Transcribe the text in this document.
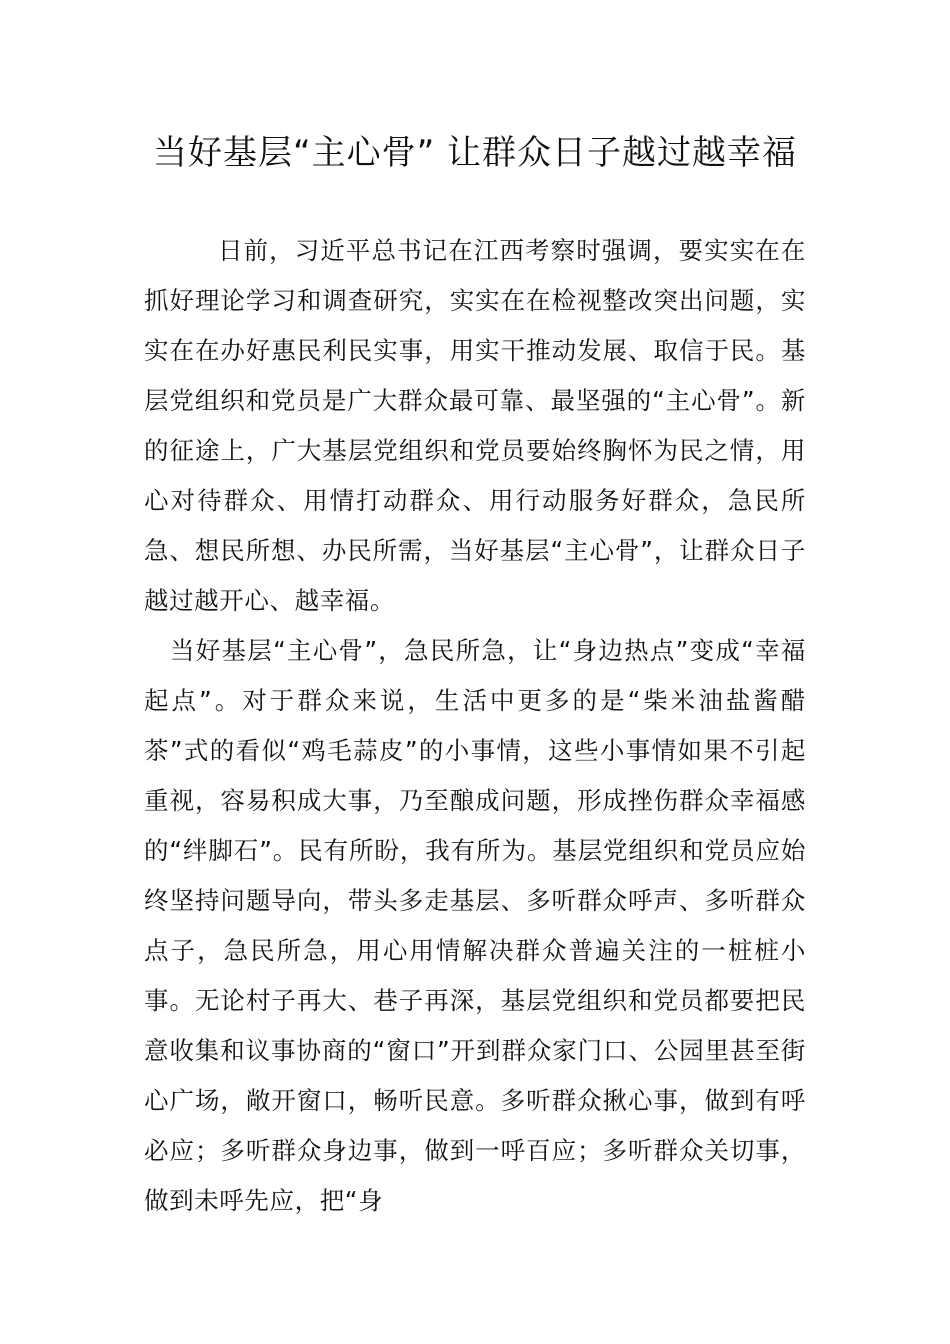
当好基层“主心骨” 让群众日子越过越幸福

日前，习近平总书记在江西考察时强调，要实实在在抓好理论学习和调查研究，实实在在检视整改突出问题，实实在在办好惠民利民实事，用实干推动发展、取信于民。基层党组织和党员是广大群众最可靠、最坚强的“主心骨”。新的征途上，广大基层党组织和党员要始终胸怀为民之情，用心对待群众、用情打动群众、用行动服务好群众，急民所急、想民所想、办民所需，当好基层“主心骨”，让群众日子越过越开心、越幸福。

当好基层“主心骨”，急民所急，让“身边热点”变成“幸福起点”。对于群众来说，生活中更多的是“柴米油盐酱醋茶”式的看似“鸡毛蒜皮”的小事情，这些小事情如果不引起重视，容易积成大事，乃至酿成问题，形成挫伤群众幸福感的“绊脚石”。民有所盼，我有所为。基层党组织和党员应始终坚持问题导向，带头多走基层、多听群众呼声、多听群众点子，急民所急，用心用情解决群众普遍关注的一桩桩小事。无论村子再大、巷子再深，基层党组织和党员都要把民意收集和议事协商的“窗口”开到群众家门口、公园里甚至街心广场，敞开窗口，畅听民意。多听群众揪心事，做到有呼必应；多听群众身边事，做到一呼百应；多听群众关切事，做到未呼先应，把“身
